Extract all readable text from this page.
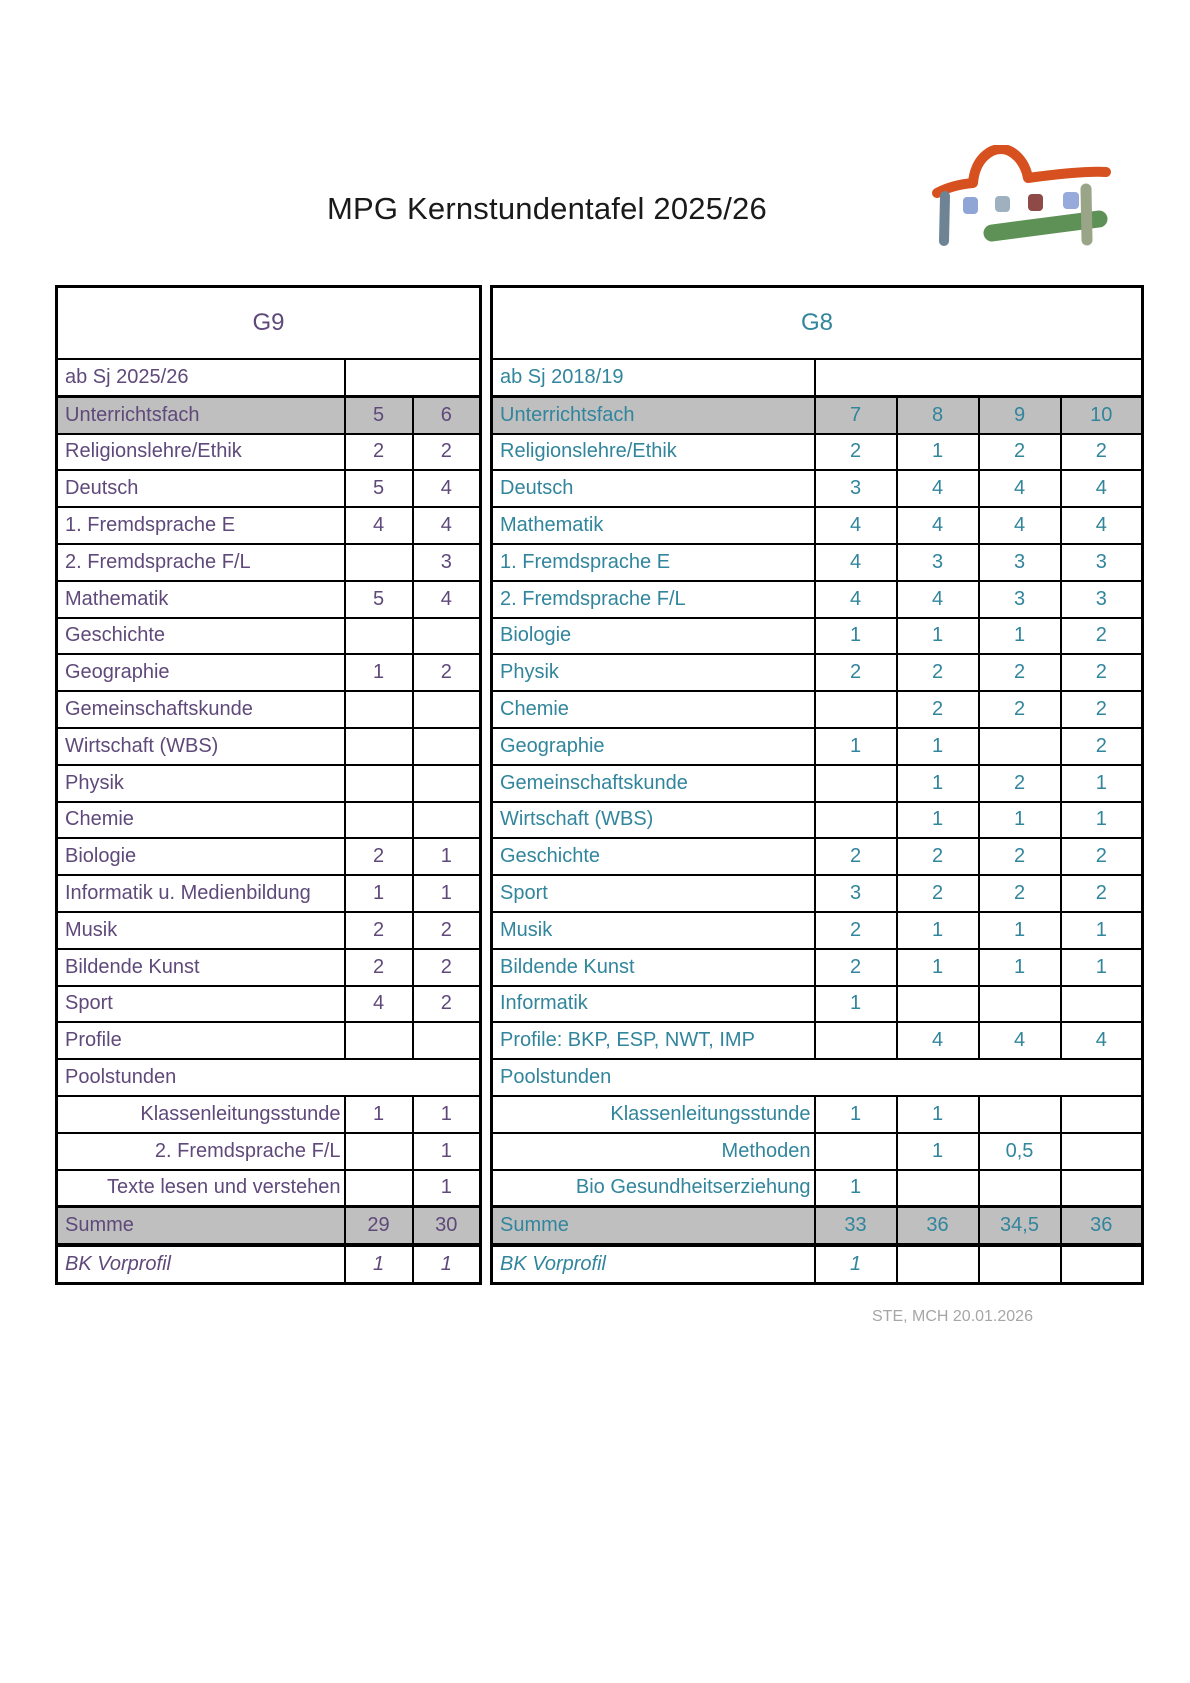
MPG Kernstundentafel 2025/26
G9		
ab Sj 2025/26		
Unterrichtsfach	5	6
Religionslehre/Ethik	2	2
Deutsch	5	4
1. Fremdsprache E	4	4
2. Fremdsprache F/L		3
Mathematik	5	4
Geschichte		
Geographie	1	2
Gemeinschaftskunde		
Wirtschaft (WBS)		
Physik		
Chemie		
Biologie	2	1
Informatik u. Medienbildung	1	1
Musik	2	2
Bildende Kunst	2	2
Sport	4	2
Profile		
Poolstunden		
Klassenleitungsstunde	1	1
2. Fremdsprache F/L		1
Texte lesen und verstehen		1
Summe	29	30
BK Vorprofil	1	1
G8				
ab Sj 2018/19				
Unterrichtsfach	7	8	9	10
Religionslehre/Ethik	2	1	2	2
Deutsch	3	4	4	4
Mathematik	4	4	4	4
1. Fremdsprache E	4	3	3	3
2. Fremdsprache F/L	4	4	3	3
Biologie	1	1	1	2
Physik	2	2	2	2
Chemie		2	2	2
Geographie	1	1		2
Gemeinschaftskunde		1	2	1
Wirtschaft (WBS)		1	1	1
Geschichte	2	2	2	2
Sport	3	2	2	2
Musik	2	1	1	1
Bildende Kunst	2	1	1	1
Informatik	1			
Profile: BKP, ESP, NWT, IMP		4	4	4
Poolstunden				
Klassenleitungsstunde	1	1		
Methoden		1	0,5	
Bio Gesundheitserziehung	1			
Summe	33	36	34,5	36
BK Vorprofil	1			
STE, MCH 20.01.2026
